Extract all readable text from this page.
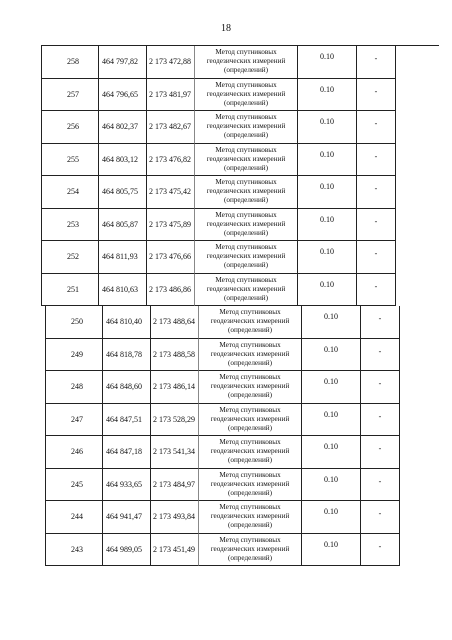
18
258	464 797,82	2 173 472,88
Метод спутниковых
геодезических измерений
(определений)
0.10	-
257	464 796,65	2 173 481,97
Метод спутниковых
геодезических измерений
(определений)
0.10	-
256	464 802,37	2 173 482,67
Метод спутниковых
геодезических измерений
(определений)
0.10	-
255	464 803,12	2 173 476,82
Метод спутниковых
геодезических измерений
(определений)
0.10	-
254	464 805,75	2 173 475,42
Метод спутниковых
геодезических измерений
(определений)
0.10	-
253	464 805,87	2 173 475,89
Метод спутниковых
геодезических измерений
(определений)
0.10	-
252	464 811,93	2 173 476,66
Метод спутниковых
геодезических измерений
(определений)
0.10	-
251	464 810,63	2 173 486,86
Метод спутниковых
геодезических измерений
(определений)
0.10	-
250	464 810,40	2 173 488,64
Метод спутниковых
геодезических измерений
(определений)
0.10	-
249	464 818,78	2 173 488,58
Метод спутниковых
геодезических измерений
(определений)
0.10	-
248	464 848,60	2 173 486,14
Метод спутниковых
геодезических измерений
(определений)
0.10	-
247	464 847,51	2 173 528,29
Метод спутниковых
геодезических измерений
(определений)
0.10	-
246	464 847,18	2 173 541,34
Метод спутниковых
геодезических измерений
(определений)
0.10	-
245	464 933,65	2 173 484,97
Метод спутниковых
геодезических измерений
(определений)
0.10	-
244	464 941,47	2 173 493,84
Метод спутниковых
геодезических измерений
(определений)
0.10	-
243	464 989,05	2 173 451,49
Метод спутниковых
геодезических измерений
(определений)
0.10	-
